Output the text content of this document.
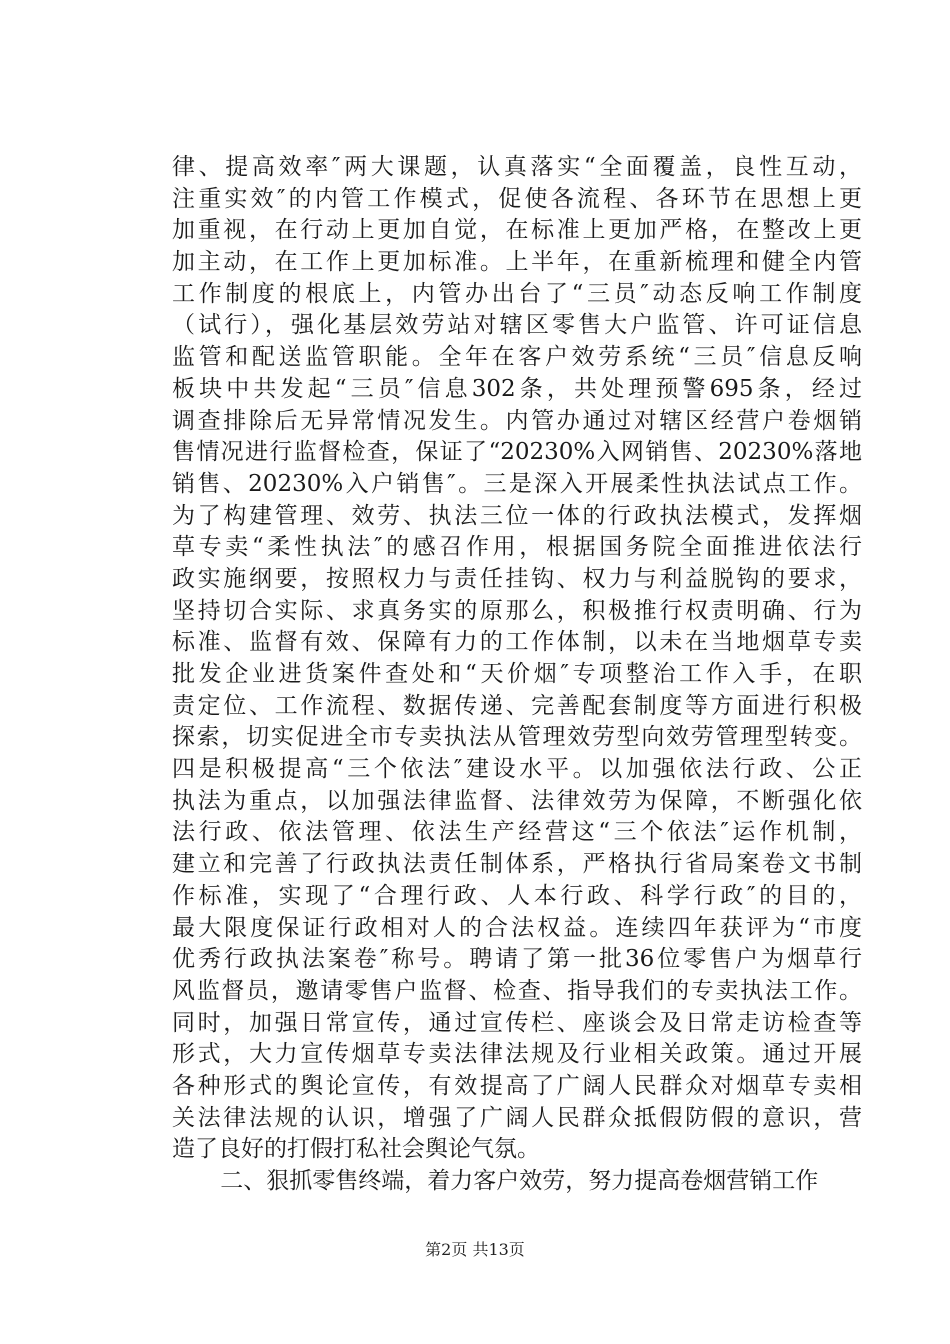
律、提高效率″两大课题，认真落实“全面覆盖，良性互动，
注重实效″的内管工作模式，促使各流程、各环节在思想上更
加重视，在行动上更加自觉，在标准上更加严格，在整改上更
加主动，在工作上更加标准。上半年，在重新梳理和健全内管
工作制度的根底上，内管办出台了“三员″动态反响工作制度
（试行），强化基层效劳站对辖区零售大户监管、许可证信息
监管和配送监管职能。全年在客户效劳系统“三员″信息反响
板块中共发起“三员″信息302条，共处理预警695条，经过
调查排除后无异常情况发生。内管办通过对辖区经营户卷烟销
售情况进行监督检查，保证了“20230%入网销售、20230%落地
销售、20230%入户销售″。三是深入开展柔性执法试点工作。
为了构建管理、效劳、执法三位一体的行政执法模式，发挥烟
草专卖“柔性执法″的感召作用，根据国务院全面推进依法行
政实施纲要，按照权力与责任挂钩、权力与利益脱钩的要求，
坚持切合实际、求真务实的原那么，积极推行权责明确、行为
标准、监督有效、保障有力的工作体制，以未在当地烟草专卖
批发企业进货案件查处和“天价烟″专项整治工作入手，在职
责定位、工作流程、数据传递、完善配套制度等方面进行积极
探索，切实促进全市专卖执法从管理效劳型向效劳管理型转变。
四是积极提高“三个依法″建设水平。以加强依法行政、公正
执法为重点，以加强法律监督、法律效劳为保障，不断强化依
法行政、依法管理、依法生产经营这“三个依法″运作机制，
建立和完善了行政执法责任制体系，严格执行省局案卷文书制
作标准，实现了“合理行政、人本行政、科学行政″的目的，
最大限度保证行政相对人的合法权益。连续四年获评为“市度
优秀行政执法案卷″称号。聘请了第一批36位零售户为烟草行
风监督员，邀请零售户监督、检查、指导我们的专卖执法工作。
同时，加强日常宣传，通过宣传栏、座谈会及日常走访检查等
形式，大力宣传烟草专卖法律法规及行业相关政策。通过开展
各种形式的舆论宣传，有效提高了广阔人民群众对烟草专卖相
关法律法规的认识，增强了广阔人民群众抵假防假的意识，营
造了良好的打假打私社会舆论气氛。
二、狠抓零售终端，着力客户效劳，努力提高卷烟营销工作
第2页 共13页
